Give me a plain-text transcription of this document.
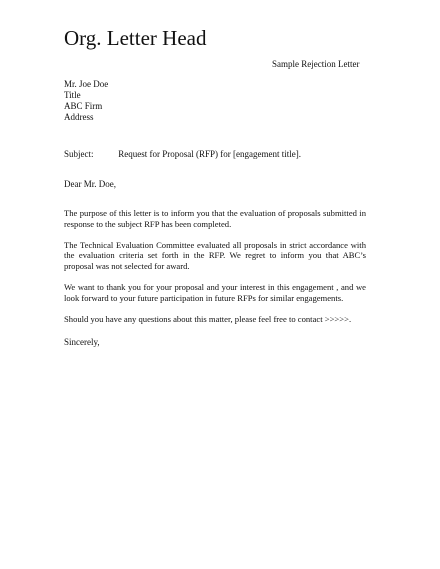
Org. Letter Head
Sample Rejection Letter
Mr. Joe Doe
Title
ABC Firm
Address
Subject:	Request for Proposal (RFP) for [engagement title].
Dear Mr. Doe,

The purpose of this letter is to inform you that the evaluation of proposals submitted in response to the subject RFP has been completed.

The Technical Evaluation Committee evaluated all proposals in strict accordance with the evaluation criteria set forth in the RFP. We regret to inform you that ABC’s proposal was not selected for award.

We want to thank you for your proposal and your interest in this engagement , and we look forward to your future participation in future RFPs for similar engagements.

Should you have any questions about this matter, please feel free to contact >>>>>.

Sincerely,
